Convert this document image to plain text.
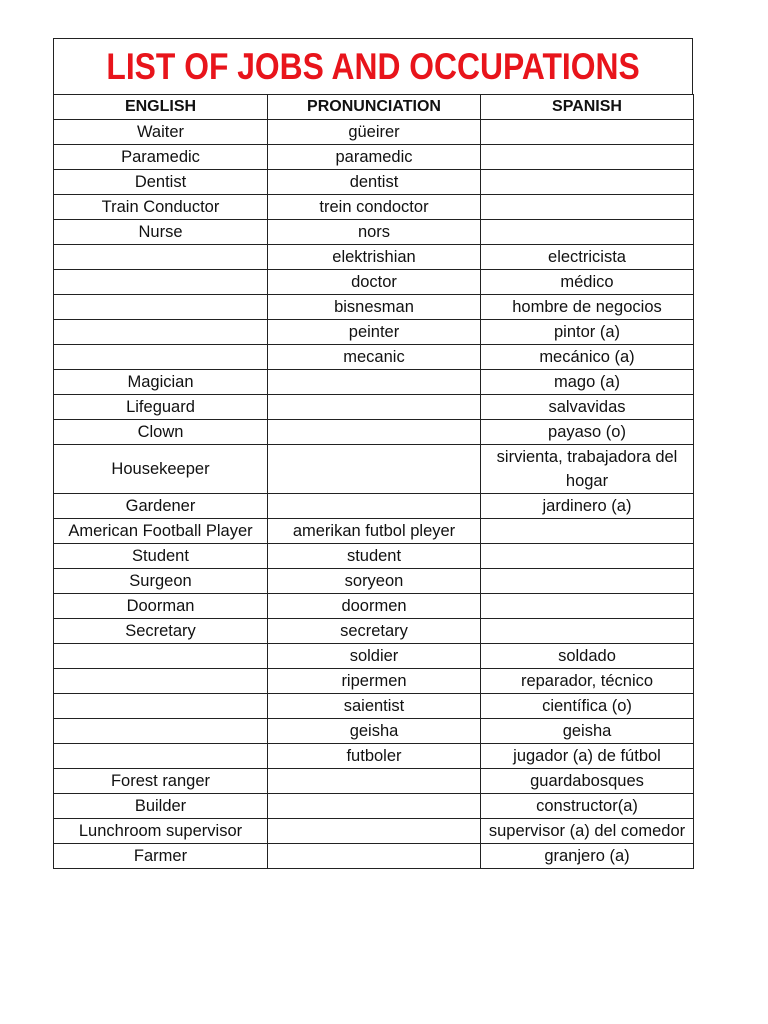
LIST OF JOBS AND OCCUPATIONS
ENGLISH	PRONUNCIATION	SPANISH
Waiter	güeirer	
Paramedic	paramedic	
Dentist	dentist	
Train Conductor	trein condoctor	
Nurse	nors	
	elektrishian	electricista
	doctor	médico
	bisnesman	hombre de negocios
	peinter	pintor (a)
	mecanic	mecánico (a)
Magician		mago (a)
Lifeguard		salvavidas
Clown		payaso (o)
Housekeeper		sirvienta, trabajadora del hogar
Gardener		jardinero (a)
American Football Player	amerikan futbol pleyer	
Student	student	
Surgeon	soryeon	
Doorman	doormen	
Secretary	secretary	
	soldier	soldado
	ripermen	reparador, técnico
	saientist	científica (o)
	geisha	geisha
	futboler	jugador (a) de fútbol
Forest ranger		guardabosques
Builder		constructor(a)
Lunchroom supervisor		supervisor (a) del comedor
Farmer		granjero (a)
